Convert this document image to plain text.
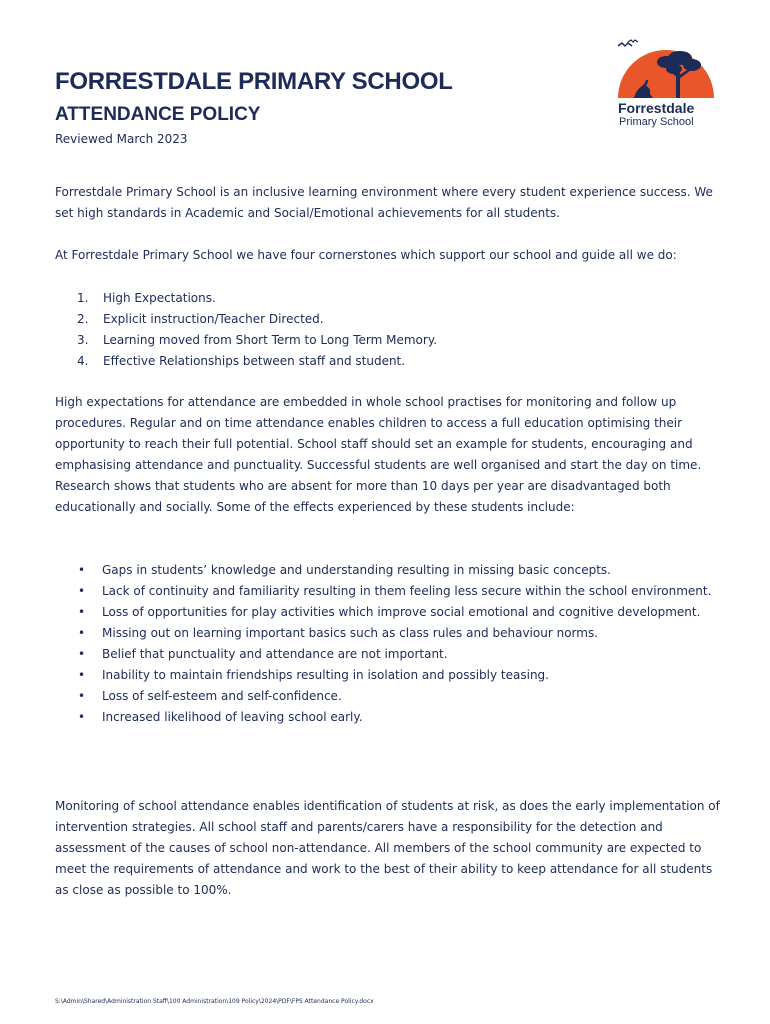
FORRESTDALE PRIMARY SCHOOL
ATTENDANCE POLICY
Reviewed March 2023
Forrestdale
Primary School

Forrestdale Primary School is an inclusive learning environment where every student experience success. We set high standards in Academic and Social/Emotional achievements for all students.

At Forrestdale Primary School we have four cornerstones which support our school and guide all we do:

1. High Expectations.
2. Explicit instruction/Teacher Directed.
3. Learning moved from Short Term to Long Term Memory.
4. Effective Relationships between staff and student.

High expectations for attendance are embedded in whole school practises for monitoring and follow up procedures. Regular and on time attendance enables children to access a full education optimising their opportunity to reach their full potential. School staff should set an example for students, encouraging and emphasising attendance and punctuality. Successful students are well organised and start the day on time. Research shows that students who are absent for more than 10 days per year are disadvantaged both educationally and socially. Some of the effects experienced by these students include:

• Gaps in students’ knowledge and understanding resulting in missing basic concepts.
• Lack of continuity and familiarity resulting in them feeling less secure within the school environment.
• Loss of opportunities for play activities which improve social emotional and cognitive development.
• Missing out on learning important basics such as class rules and behaviour norms.
• Belief that punctuality and attendance are not important.
• Inability to maintain friendships resulting in isolation and possibly teasing.
• Loss of self-esteem and self-confidence.
• Increased likelihood of leaving school early.

Monitoring of school attendance enables identification of students at risk, as does the early implementation of intervention strategies. All school staff and parents/carers have a responsibility for the detection and assessment of the causes of school non-attendance. All members of the school community are expected to meet the requirements of attendance and work to the best of their ability to keep attendance for all students as close as possible to 100%.

S:\Admin\Shared\Administration Staff\100 Administration\109 Policy\2024\PDF\FPS Attendance Policy.docx
